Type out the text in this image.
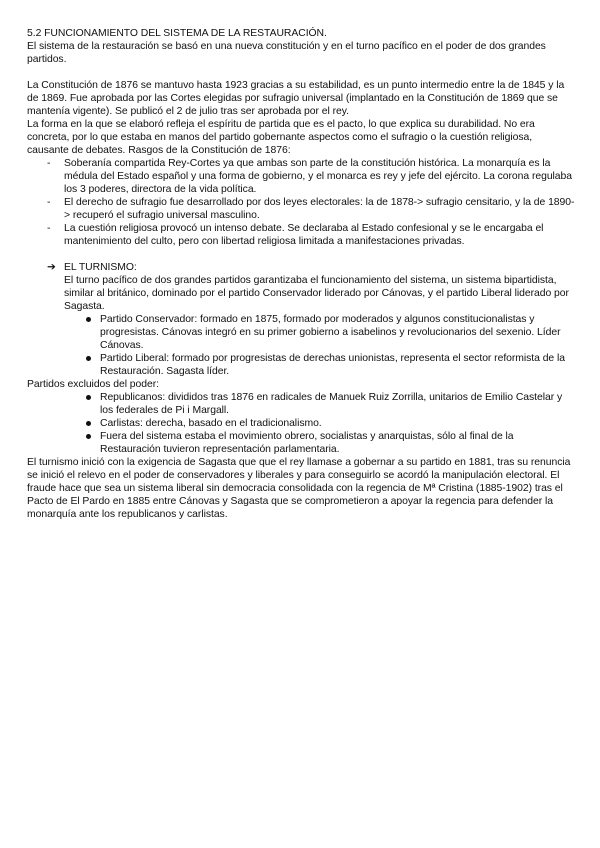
5.2 FUNCIONAMIENTO DEL SISTEMA DE LA RESTAURACIÓN.

El sistema de la restauración se basó en una nueva constitución y en el turno pacífico en el poder de dos grandes partidos.

La Constitución de 1876 se mantuvo hasta 1923 gracias a su estabilidad, es un punto intermedio entre la de 1845 y la de 1869. Fue aprobada por las Cortes elegidas por sufragio universal (implantado en la Constitución de 1869 que se mantenía vigente). Se publicó el 2 de julio tras ser aprobada por el rey.

La forma en la que se elaboró refleja el espíritu de partida que es el pacto, lo que explica su durabilidad. No era concreta, por lo que estaba en manos del partido gobernante aspectos como el sufragio o la cuestión religiosa, causante de debates. Rasgos de la Constitución de 1876:

- Soberanía compartida Rey-Cortes ya que ambas son parte de la constitución histórica. La monarquía es la médula del Estado español y una forma de gobierno, y el monarca es rey y jefe del ejército. La corona regulaba los 3 poderes, directora de la vida política.
- El derecho de sufragio fue desarrollado por dos leyes electorales: la de 1878-> sufragio censitario, y la de 1890-> recuperó el sufragio universal masculino.
- La cuestión religiosa provocó un intenso debate. Se declaraba al Estado confesional y se le encargaba el mantenimiento del culto, pero con libertad religiosa limitada a manifestaciones privadas.
➔ EL TURNISMO:

El turno pacífico de dos grandes partidos garantizaba el funcionamiento del sistema, un sistema bipartidista, similar al británico, dominado por el partido Conservador liderado por Cánovas, y el partido Liberal liderado por Sagasta.

Partido Conservador: formado en 1875, formado por moderados y algunos constitucionalistas y progresistas. Cánovas integró en su primer gobierno a isabelinos y revolucionarios del sexenio. Líder Cánovas.
Partido Liberal: formado por progresistas de derechas unionistas, representa el sector reformista de la Restauración. Sagasta líder.

Partidos excluidos del poder:

Republicanos: divididos tras 1876 en radicales de Manuek Ruiz Zorrilla, unitarios de Emilio Castelar y los federales de Pi i Margall.
Carlistas: derecha, basado en el tradicionalismo.
Fuera del sistema estaba el movimiento obrero, socialistas y anarquistas, sólo al final de la Restauración tuvieron representación parlamentaria.

El turnismo inició con la exigencia de Sagasta que que el rey llamase a gobernar a su partido en 1881, tras su renuncia se inició el relevo en el poder de conservadores y liberales y para conseguirlo se acordó la manipulación electoral. El fraude hace que sea un sistema liberal sin democracia consolidada con la regencia de Mª Cristina (1885-1902) tras el Pacto de El Pardo en 1885 entre Cánovas y Sagasta que se comprometieron a apoyar la regencia para defender la monarquía ante los republicanos y carlistas.
